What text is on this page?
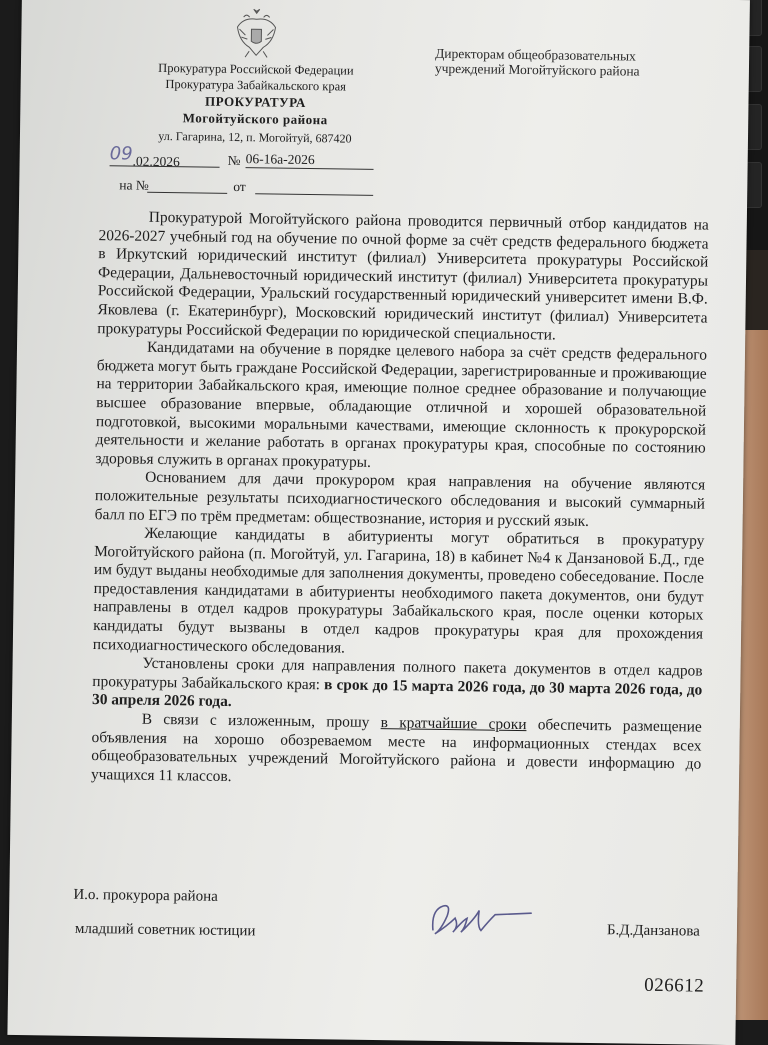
Прокуратура Российской Федерации
Прокуратура Забайкальского края
ПРОКУРАТУРА
Могойтуйского района
ул. Гагарина, 12, п. Могойтуй, 687420
09.02.2026	№ 06-16а-2026
на №	от
Директорам общеобразовательных учреждений Могойтуйского района

Прокуратурой Могойтуйского района проводится первичный отбор кандидатов на 2026-2027 учебный год на обучение по очной форме за счёт средств федерального бюджета в Иркутский юридический институт (филиал) Университета прокуратуры Российской Федерации, Дальневосточный юридический институт (филиал) Университета прокуратуры Российской Федерации, Уральский государственный юридический университет имени В.Ф. Яковлева (г. Екатеринбург), Московский юридический институт (филиал) Университета прокуратуры Российской Федерации по юридической специальности.

Кандидатами на обучение в порядке целевого набора за счёт средств федерального бюджета могут быть граждане Российской Федерации, зарегистрированные и проживающие на территории Забайкальского края, имеющие полное среднее образование и получающие высшее образование впервые, обладающие отличной и хорошей образовательной подготовкой, высокими моральными качествами, имеющие склонность к прокурорской деятельности и желание работать в органах прокуратуры края, способные по состоянию здоровья служить в органах прокуратуры.

Основанием для дачи прокурором края направления на обучение являются положительные результаты психодиагностического обследования и высокий суммарный балл по ЕГЭ по трём предметам: обществознание, история и русский язык.

Желающие кандидаты в абитуриенты могут обратиться в прокуратуру Могойтуйского района (п. Могойтуй, ул. Гагарина, 18) в кабинет №4 к Данзановой Б.Д., где им будут выданы необходимые для заполнения документы, проведено собеседование. После предоставления кандидатами в абитуриенты необходимого пакета документов, они будут направлены в отдел кадров прокуратуры Забайкальского края, после оценки которых кандидаты будут вызваны в отдел кадров прокуратуры края для прохождения психодиагностического обследования.

Установлены сроки для направления полного пакета документов в отдел кадров прокуратуры Забайкальского края: в срок до 15 марта 2026 года, до 30 марта 2026 года, до 30 апреля 2026 года.

В связи с изложенным, прошу в кратчайшие сроки обеспечить размещение объявления на хорошо обозреваемом месте на информационных стендах всех общеобразовательных учреждений Могойтуйского района и довести информацию до учащихся 11 классов.

И.о. прокурора района
младший советник юстиции	Б.Д.Данзанова
026612
